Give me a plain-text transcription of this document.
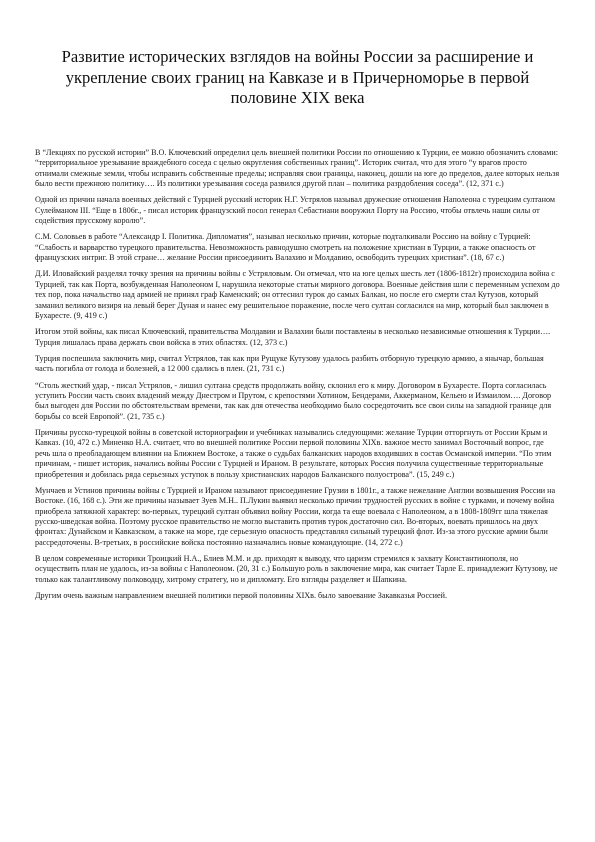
Развитие исторических взглядов на войны России за расширение и укрепление своих границ на Кавказе и в Причерноморье в первой половине XIX века

В “Лекциях по русской истории” В.О. Ключевский определил цель внешней политики России по отношению к Турции, ее можно обозначить словами: “территориальное урезывание враждебного соседа с целью округления собственных границ”. Историк считал, что для этого “у врагов просто отнимали смежные земли, чтобы исправить собственные пределы; исправляя свои границы, наконец, дошли на юге до пределов, далее которых нельзя было вести прежнюю политику…. Из политики урезывания соседа развился другой план – политика разрдобления соседа”. (12, 371 с.)

Одной из причин начала военных действий с Турцией русский историк Н.Г. Устрялов называл дружеские отношения Наполеона с турецким султаном Сулейманом III. “Еще в 1806г., - писал историк французский посол генерал Себастиани вооружил Порту на Россию, чтобы отвлечь наши силы от содействия прусскому королю”.

С.М. Соловьев в работе “Александр I. Политика. Дипломатия”, называл несколько причин, которые подталкивали Россию на войну с Турцией: “Слабость и варварство турецкого правительства. Невозможность равнодушно смотреть на положение христиан в Турции, а также опасность от французских интриг. В этой стране… желание России присоединить Валахию и Молдавию, освободить турецких христиан”. (18, 67 с.)

Д.И. Иловайский разделял точку зрения на причины войны с Устряловым. Он отмечал, что на юге целых шесть лет (1806-1812г) происходила война с Турцией, так как Порта, возбужденная Наполеоном I, нарушила некоторые статьи мирного договора. Военные действия шли с переменным успехом до тех пор, пока начальство над армией не принял граф Каменский; он оттеснил турок до самых Балкан, но после его смерти стал Кутузов, который заманил великого визиря на левый берег Дуная и нанес ему решительное поражение, после чего султан согласился на мир, который был заключен в Бухаресте. (9, 419 с.)

Итогом этой войны, как писал Ключевский, правительства Молдавии и Валахии были поставлены в несколько независимые отношения к Турции…. Турция лишалась права держать свои войска в этих областях. (12, 373 с.)

Турция поспешила заключить мир, считал Устрялов, так как при Рущуке Кутузову удалось разбить отборную турецкую армию, а янычар, большая часть погибла от голода и болезней, а 12 000 сдались в плен. (21, 731 с.)

“Столь жесткий удар, - писал Устрялов, - лишил султана средств продолжать войну, склонил его к миру. Договором в Бухаресте. Порта согласилась уступить России часть своих владений между Днестром и Прутом, с крепостями Хотином, Бендерами, Аккерманом, Кельею и Измаилом…. Договор был выгоден для России по обстоятельствам времени, так как для отечества необходимо было сосредоточить все свои силы на западной границе для борьбы со всей Европой”. (21, 735 с.)

Причины русско-турецкой войны в советской историографии и учебниках назывались следующими: желание Турции отторгнуть от России Крым и Кавказ. (10, 472 с.) Миненко Н.А. считает, что во внешней политике России первой половины XIXв. важное место занимал Восточный вопрос, где речь шла о преобладающем влиянии на Ближнем Востоке, а также о судьбах балканских народов входивших в состав Османской империи. “По этим причинам, - пишет историк, начались войны России с Турцией и Ираном. В результате, которых Россия получила существенные территориальные приобретения и добилась ряда серьезных уступок в пользу христианских народов Балканского полуострова”. (15, 249 с.)

Мунчаев и Устинов причины войны с Турцией и Ираном называют присоединение Грузии в 1801г., а также нежелание Англии возвышения России на Востоке. (16, 168 с.). Эти же причины называет Зуев М.Н.. П.Лукин выявил несколько причин трудностей русских в войне с турками, и почему война приобрела затяжной характер: во-первых, турецкий султан объявил войну России, когда та еще воевала с Наполеоном, а в 1808-1809гг шла тяжелая русско-шведская война. Поэтому русское правительство не могло выставить против турок достаточно сил. Во-вторых, воевать пришлось на двух фронтах: Дунайском и Кавказском, а также на море, где серьезную опасность представлял сильный турецкий флот. Из-за этого русские армии были рассредоточены. В-третьих, в российские войска постоянно назначались новые командующие. (14, 272 с.)

В целом современные историки Троицкий Н.А., Блиев М.М. и др. приходят к выводу, что царизм стремился к захвату Константинополя, но осуществить план не удалось, из-за войны с Наполеоном. (20, 31 с.) Большую роль в заключение мира, как считает Тарле Е. принадлежит Кутузову, не только как талантливому полководцу, хитрому стратегу, но и дипломату. Его взгляды разделяет и Шапкина.

Другим очень важным направлением внешней политики первой половины XIXв. было завоевание Закавказья Россией.
